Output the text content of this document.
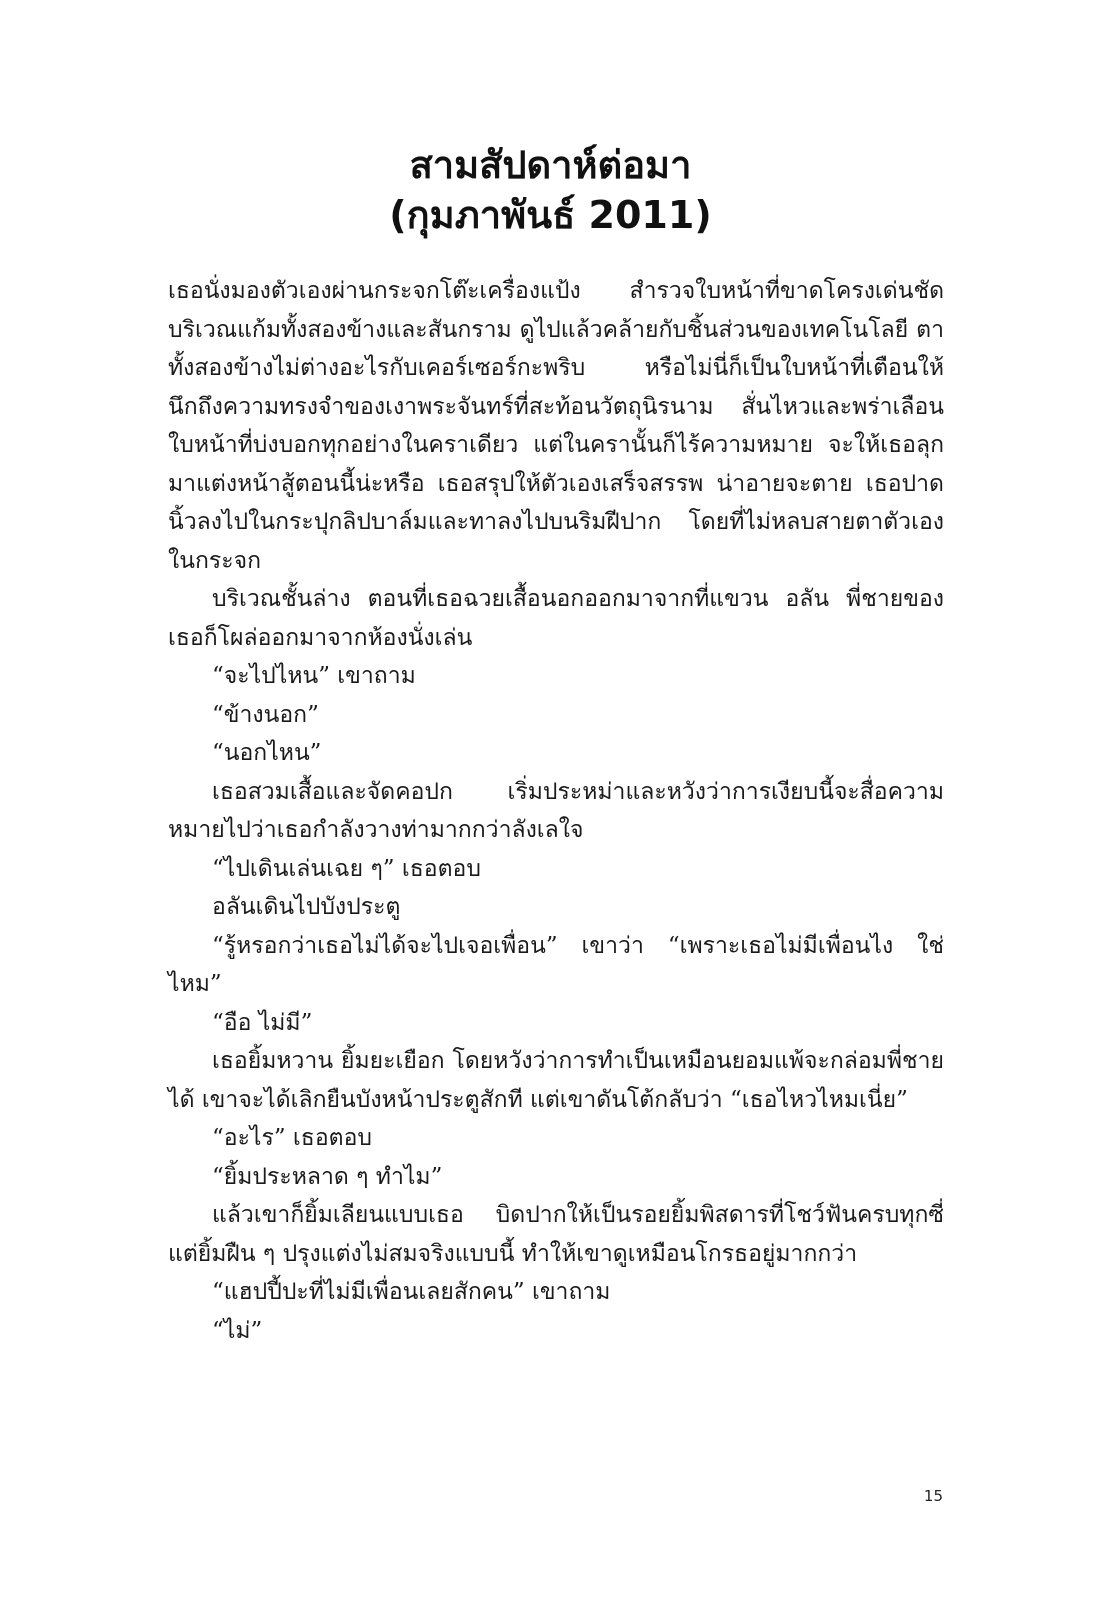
สามสัปดาห์ต่อมา
(กุมภาพันธ์ 2011)

เธอนั่งมองตัวเองผ่านกระจกโต๊ะเครื่องแป้ง สำรวจใบหน้าที่ขาดโครงเด่นชัดบริเวณแก้มทั้งสองข้างและสันกราม ดูไปแล้วคล้ายกับชิ้นส่วนของเทคโนโลยี ตาทั้งสองข้างไม่ต่างอะไรกับเคอร์เซอร์กะพริบ หรือไม่นี่ก็เป็นใบหน้าที่เตือนให้นึกถึงความทรงจำของเงาพระจันทร์ที่สะท้อนวัตถุนิรนาม สั่นไหวและพร่าเลือน ใบหน้าที่บ่งบอกทุกอย่างในคราเดียว แต่ในครานั้นก็ไร้ความหมาย จะให้เธอลุกมาแต่งหน้าสู้ตอนนี้น่ะหรือ เธอสรุปให้ตัวเองเสร็จสรรพ น่าอายจะตาย เธอปาดนิ้วลงไปในกระปุกลิปบาล์มและทาลงไปบนริมฝีปาก โดยที่ไม่หลบสายตาตัวเองในกระจก

บริเวณชั้นล่าง ตอนที่เธอฉวยเสื้อนอกออกมาจากที่แขวน อลัน พี่ชายของเธอก็โผล่ออกมาจากห้องนั่งเล่น

“จะไปไหน” เขาถาม

“ข้างนอก”

“นอกไหน”

เธอสวมเสื้อและจัดคอปก เริ่มประหม่าและหวังว่าการเงียบนี้จะสื่อความหมายไปว่าเธอกำลังวางท่ามากกว่าลังเลใจ

“ไปเดินเล่นเฉย ๆ” เธอตอบ

อลันเดินไปบังประตู

“รู้หรอกว่าเธอไม่ได้จะไปเจอเพื่อน” เขาว่า “เพราะเธอไม่มีเพื่อนไง ใช่ไหม”

“อือ ไม่มี”

เธอยิ้มหวาน ยิ้มยะเยือก โดยหวังว่าการทำเป็นเหมือนยอมแพ้จะกล่อมพี่ชายได้ เขาจะได้เลิกยืนบังหน้าประตูสักที แต่เขาดันโต้กลับว่า “เธอไหวไหมเนี่ย”

“อะไร” เธอตอบ

“ยิ้มประหลาด ๆ ทำไม”

แล้วเขาก็ยิ้มเลียนแบบเธอ บิดปากให้เป็นรอยยิ้มพิสดารที่โชว์ฟันครบทุกซี่ แต่ยิ้มฝืน ๆ ปรุงแต่งไม่สมจริงแบบนี้ ทำให้เขาดูเหมือนโกรธอยู่มากกว่า

“แฮปปี้ปะที่ไม่มีเพื่อนเลยสักคน” เขาถาม

“ไม่”

15
